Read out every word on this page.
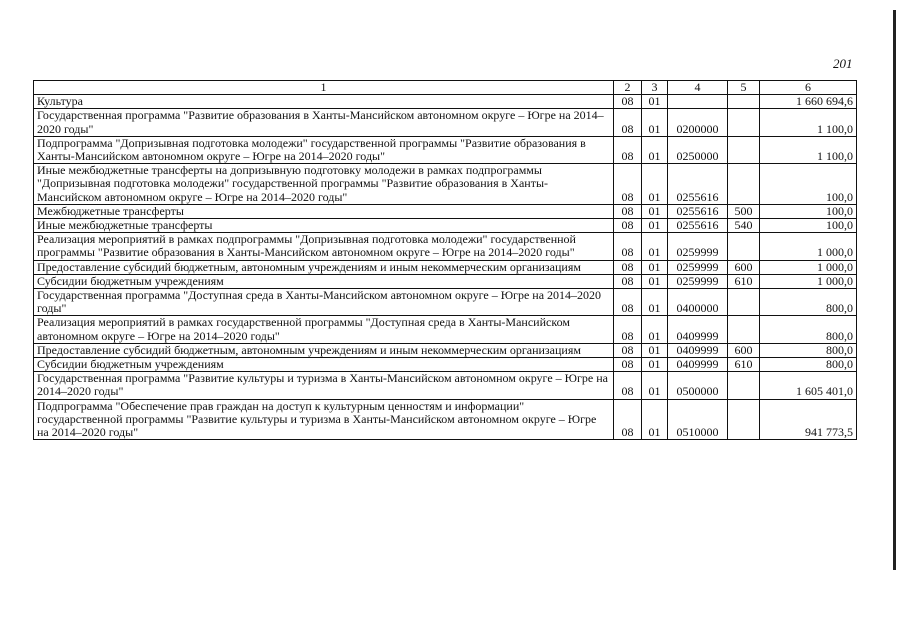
201
1	2	3	4	5	6
Культура	08	01			1 660 694,6
Государственная программа "Развитие образования в Ханты-Мансийском автономном округе – Югре на 2014–2020 годы"	08	01	0200000		1 100,0
Подпрограмма "Допризывная подготовка молодежи" государственной программы "Развитие образования в Ханты-Мансийском автономном округе – Югре на 2014–2020 годы"	08	01	0250000		1 100,0
Иные межбюджетные трансферты на допризывную подготовку молодежи в рамках подпрограммы "Допризывная подготовка молодежи" государственной программы "Развитие образования в Ханты-Мансийском автономном округе – Югре на 2014–2020 годы"	08	01	0255616		100,0
Межбюджетные трансферты	08	01	0255616	500	100,0
Иные межбюджетные трансферты	08	01	0255616	540	100,0
Реализация мероприятий в рамках подпрограммы "Допризывная подготовка молодежи" государственной программы "Развитие образования в Ханты-Мансийском автономном округе – Югре на 2014–2020 годы"	08	01	0259999		1 000,0
Предоставление субсидий бюджетным, автономным учреждениям и иным некоммерческим организациям	08	01	0259999	600	1 000,0
Субсидии бюджетным учреждениям	08	01	0259999	610	1 000,0
Государственная программа "Доступная среда в Ханты-Мансийском автономном округе – Югре на 2014–2020 годы"	08	01	0400000		800,0
Реализация мероприятий в рамках государственной программы "Доступная среда в Ханты-Мансийском автономном округе – Югре на 2014–2020 годы"	08	01	0409999		800,0
Предоставление субсидий бюджетным, автономным учреждениям и иным некоммерческим организациям	08	01	0409999	600	800,0
Субсидии бюджетным учреждениям	08	01	0409999	610	800,0
Государственная программа "Развитие культуры и туризма в Ханты-Мансийском автономном округе – Югре на 2014–2020 годы"	08	01	0500000		1 605 401,0
Подпрограмма "Обеспечение прав граждан на доступ к культурным ценностям и информации" государственной программы "Развитие культуры и туризма в Ханты-Мансийском автономном округе – Югре на 2014–2020 годы"	08	01	0510000		941 773,5
